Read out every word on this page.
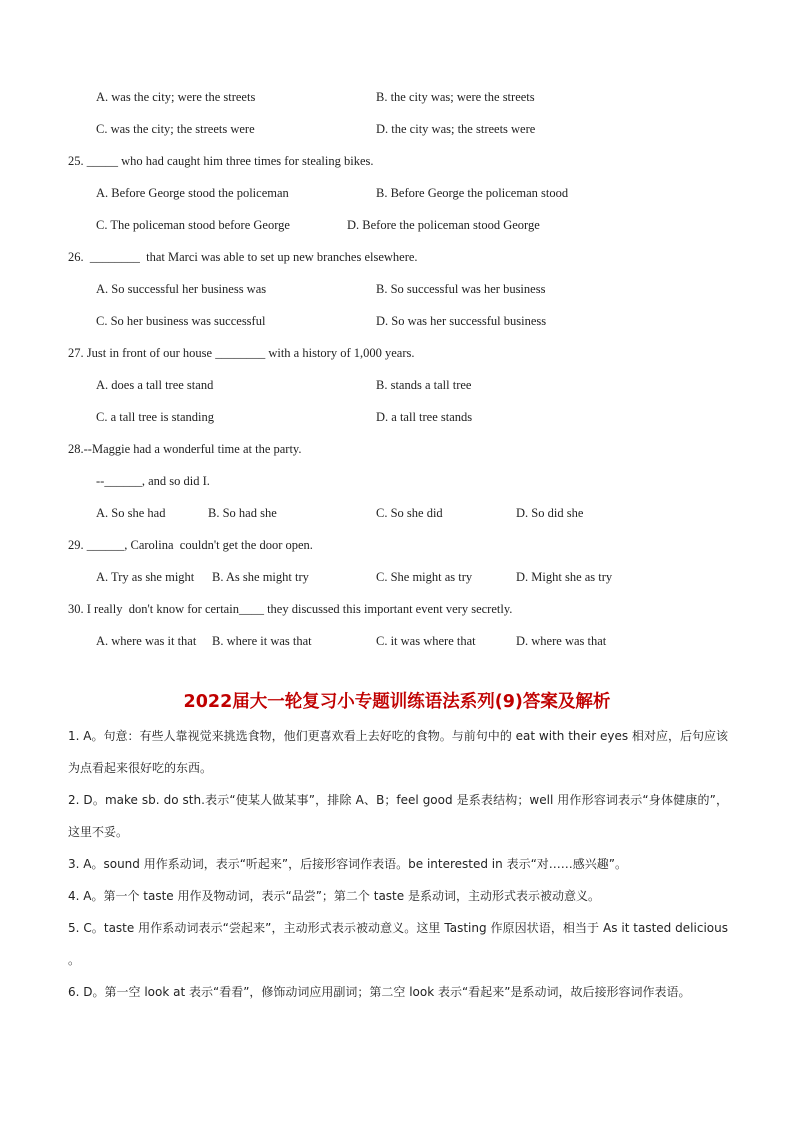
A. was the city; were the streets	B. the city was; were the streets
C. was the city; the streets were	D. the city was; the streets were
25. _____ who had caught him three times for stealing bikes.
A. Before George stood the policeman	B. Before George the policeman stood
C. The policeman stood before George	D. Before the policeman stood George
26.  ________  that Marci was able to set up new branches elsewhere.
A. So successful her business was	B. So successful was her business
C. So her business was successful	D. So was her successful business
27. Just in front of our house ________ with a history of 1,000 years.
A. does a tall tree stand	B. stands a tall tree
C. a tall tree is standing	D. a tall tree stands
28.--Maggie had a wonderful time at the party.
--______, and so did I.
A. So she had	B. So had she	C. So she did	D. So did she
29. ______, Carolina  couldn't get the door open.
A. Try as she might B. As she might try	C. She might as try	D. Might she as try
30. I really  don't know for certain____ they discussed this important event very secretly.
A. where was it that B. where it was that	C. it was where that	D. where was that
2022届大一轮复习小专题训练语法系列(9)答案及解析
1. A。句意：有些人靠视觉来挑选食物，他们更喜欢看上去好吃的食物。与前句中的 eat with their eyes 相对应，后句应该为点看起来很好吃的东西。
2. D。make sb. do sth.表示“使某人做某事”，排除 A、B；feel good 是系表结构；well 用作形容词表示“身体健康的”，这里不妥。
3. A。sound 用作系动词，表示“听起来”，后接形容词作表语。be interested in 表示“对……感兴趣”。
4. A。第一个 taste 用作及物动词，表示“品尝”；第二个 taste 是系动词，主动形式表示被动意义。
5. C。taste 用作系动词表示“尝起来”，主动形式表示被动意义。这里 Tasting 作原因状语，相当于 As it tasted delicious 。
6. D。第一空 look at 表示“看看”，修饰动词应用副词；第二空 look 表示“看起来”是系动词，故后接形容词作表语。
